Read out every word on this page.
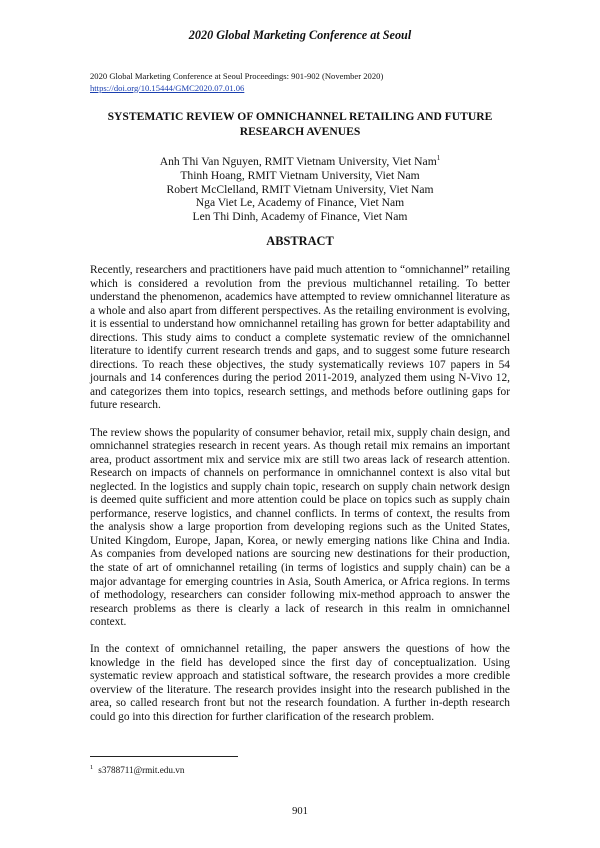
2020 Global Marketing Conference at Seoul
2020 Global Marketing Conference at Seoul Proceedings: 901-902 (November 2020)
https://doi.org/10.15444/GMC2020.07.01.06
SYSTEMATIC REVIEW OF OMNICHANNEL RETAILING AND FUTURE
RESEARCH AVENUES
Anh Thi Van Nguyen, RMIT Vietnam University, Viet Nam$^1$
Thinh Hoang, RMIT Vietnam University, Viet Nam
Robert McClelland, RMIT Vietnam University, Viet Nam
Nga Viet Le, Academy of Finance, Viet Nam
Len Thi Dinh, Academy of Finance, Viet Nam
ABSTRACT

Recently, researchers and practitioners have paid much attention to “omnichannel” retailing which is considered a revolution from the previous multichannel retailing. To better understand the phenomenon, academics have attempted to review omnichannel literature as a whole and also apart from different perspectives. As the retailing environment is evolving, it is essential to understand how omnichannel retailing has grown for better adaptability and directions. This study aims to conduct a complete systematic review of the omnichannel literature to identify current research trends and gaps, and to suggest some future research directions. To reach these objectives, the study systematically reviews 107 papers in 54 journals and 14 conferences during the period 2011-2019, analyzed them using N-Vivo 12, and categorizes them into topics, research settings, and methods before outlining gaps for future research.

The review shows the popularity of consumer behavior, retail mix, supply chain design, and omnichannel strategies research in recent years. As though retail mix remains an important area, product assortment mix and service mix are still two areas lack of research attention. Research on impacts of channels on performance in omnichannel context is also vital but neglected. In the logistics and supply chain topic, research on supply chain network design is deemed quite sufficient and more attention could be place on topics such as supply chain performance, reserve logistics, and channel conflicts. In terms of context, the results from the analysis show a large proportion from developing regions such as the United States, United Kingdom, Europe, Japan, Korea, or newly emerging nations like China and India. As companies from developed nations are sourcing new destinations for their production, the state of art of omnichannel retailing (in terms of logistics and supply chain) can be a major advantage for emerging countries in Asia, South America, or Africa regions. In terms of methodology, researchers can consider following mix-method approach to answer the research problems as there is clearly a lack of research in this realm in omnichannel context.

In the context of omnichannel retailing, the paper answers the questions of how the knowledge in the field has developed since the first day of conceptualization. Using systematic review approach and statistical software, the research provides a more credible overview of the literature. The research provides insight into the research published in the area, so called research front but not the research foundation. A further in-depth research could go into this direction for further clarification of the research problem.

$^1$ s3788711@rmit.edu.vn
901
